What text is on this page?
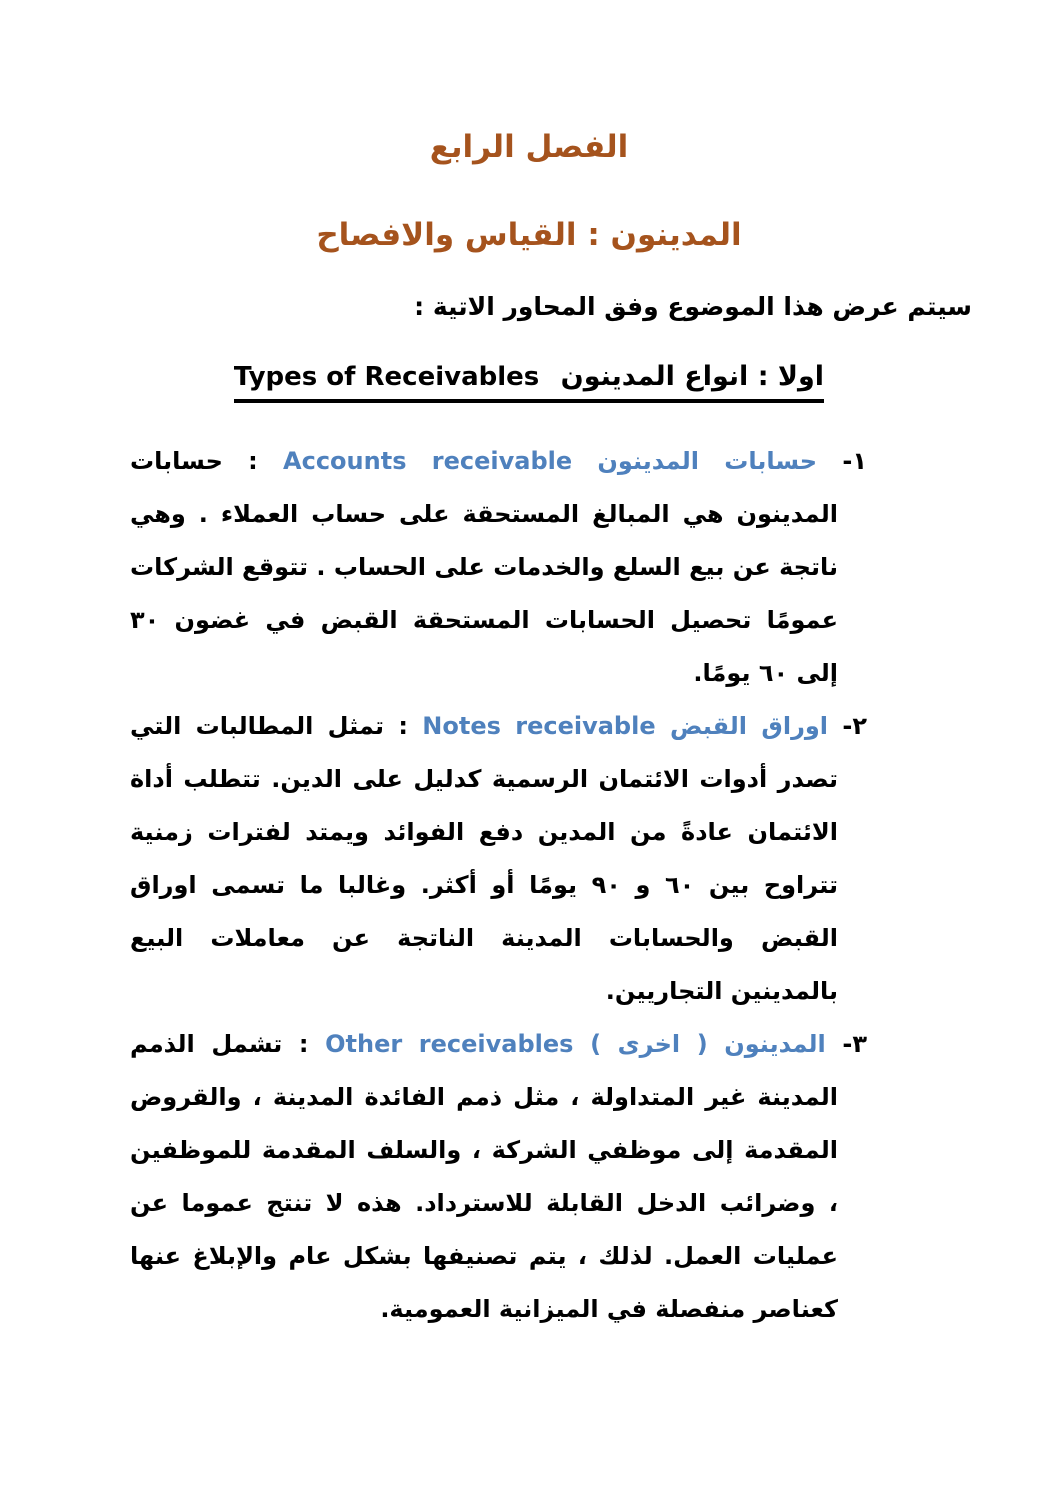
الفصل الرابع
المدينون : القياس والافصاح

سيتم عرض هذا الموضوع وفق المحاور الاتية :

اولا : انواع المدينون Types of Receivables

١- حسابات المدينون Accounts receivable : حسابات المدينون هي المبالغ المستحقة على حساب العملاء . وهي ناتجة عن بيع السلع والخدمات على الحساب . تتوقع الشركات عمومًا تحصيل الحسابات المستحقة القبض في غضون ٣٠ إلى ٦٠ يومًا.

٢- اوراق القبض Notes receivable : تمثل المطالبات التي تصدر أدوات الائتمان الرسمية كدليل على الدين. تتطلب أداة الائتمان عادةً من المدين دفع الفوائد ويمتد لفترات زمنية تتراوح بين ٦٠ و ٩٠ يومًا أو أكثر. وغالبا ما تسمى اوراق القبض والحسابات المدينة الناتجة عن معاملات البيع بالمدينين التجاريين.

٣- المدينون ( اخرى ) Other receivables : تشمل الذمم المدينة غير المتداولة ، مثل ذمم الفائدة المدينة ، والقروض المقدمة إلى موظفي الشركة ، والسلف المقدمة للموظفين ، وضرائب الدخل القابلة للاسترداد. هذه لا تنتج عموما عن عمليات العمل. لذلك ، يتم تصنيفها بشكل عام والإبلاغ عنها كعناصر منفصلة في الميزانية العمومية.
